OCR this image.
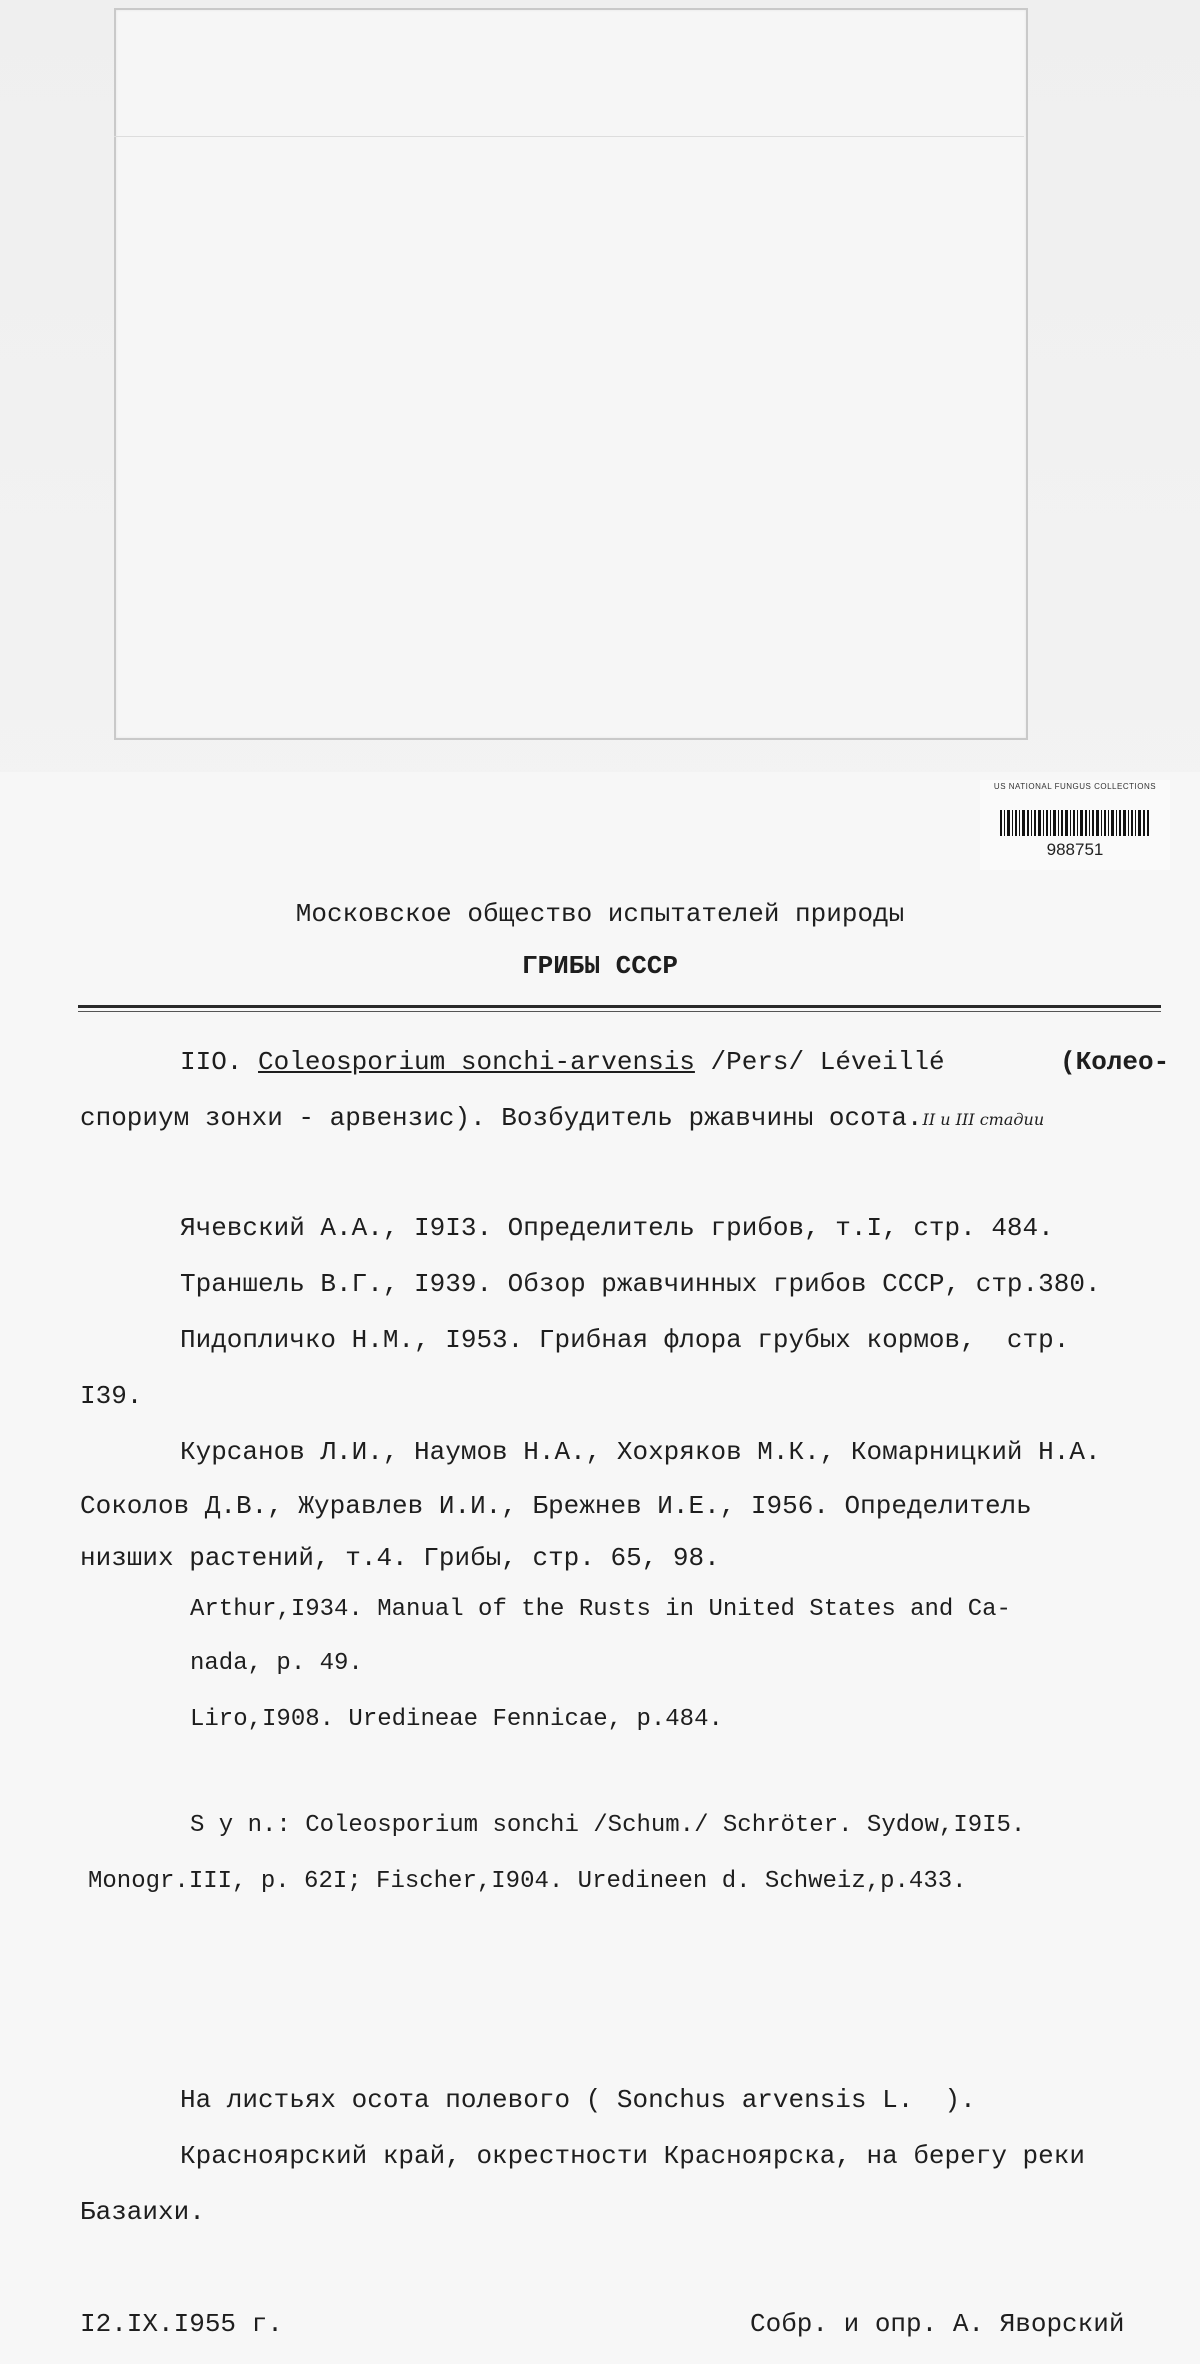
US NATIONAL FUNGUS COLLECTIONS
988751
Московское общество испытателей природы
ГРИБЫ СССР
IIO. Coleosporium sonchi-arvensis /Pers/ Léveillé	(Колео-
спориум зонхи - арвензис). Возбудитель ржавчины осота.II и III стадии
Ячевский А.А., I9I3. Определитель грибов, т.I, стр. 484.
Траншель В.Г., I939. Обзор ржавчинных грибов СССР, стр.380.
Пидопличко Н.М., I953. Грибная флора грубых кормов,  стр.
I39.
Курсанов Л.И., Наумов Н.А., Хохряков М.К., Комарницкий Н.А.
Соколов Д.В., Журавлев И.И., Брежнев И.Е., I956. Определитель
низших растений, т.4. Грибы, стр. 65, 98.
Arthur,I934. Manual of the Rusts in United States and Ca-
nada, p. 49.
Liro,I908. Uredineae Fennicae, p.484.
S y n.: Coleosporium sonchi /Schum./ Schröter. Sydow,I9I5.
Monogr.III, p. 62I; Fischer,I904. Uredineen d. Schweiz,p.433.
На листьях осота полевого ( Sonchus arvensis L.  ).
Красноярский край, окрестности Красноярска, на берегу реки
Базаихи.
I2.IX.I955 г.	Собр. и опр. А. Яворский
